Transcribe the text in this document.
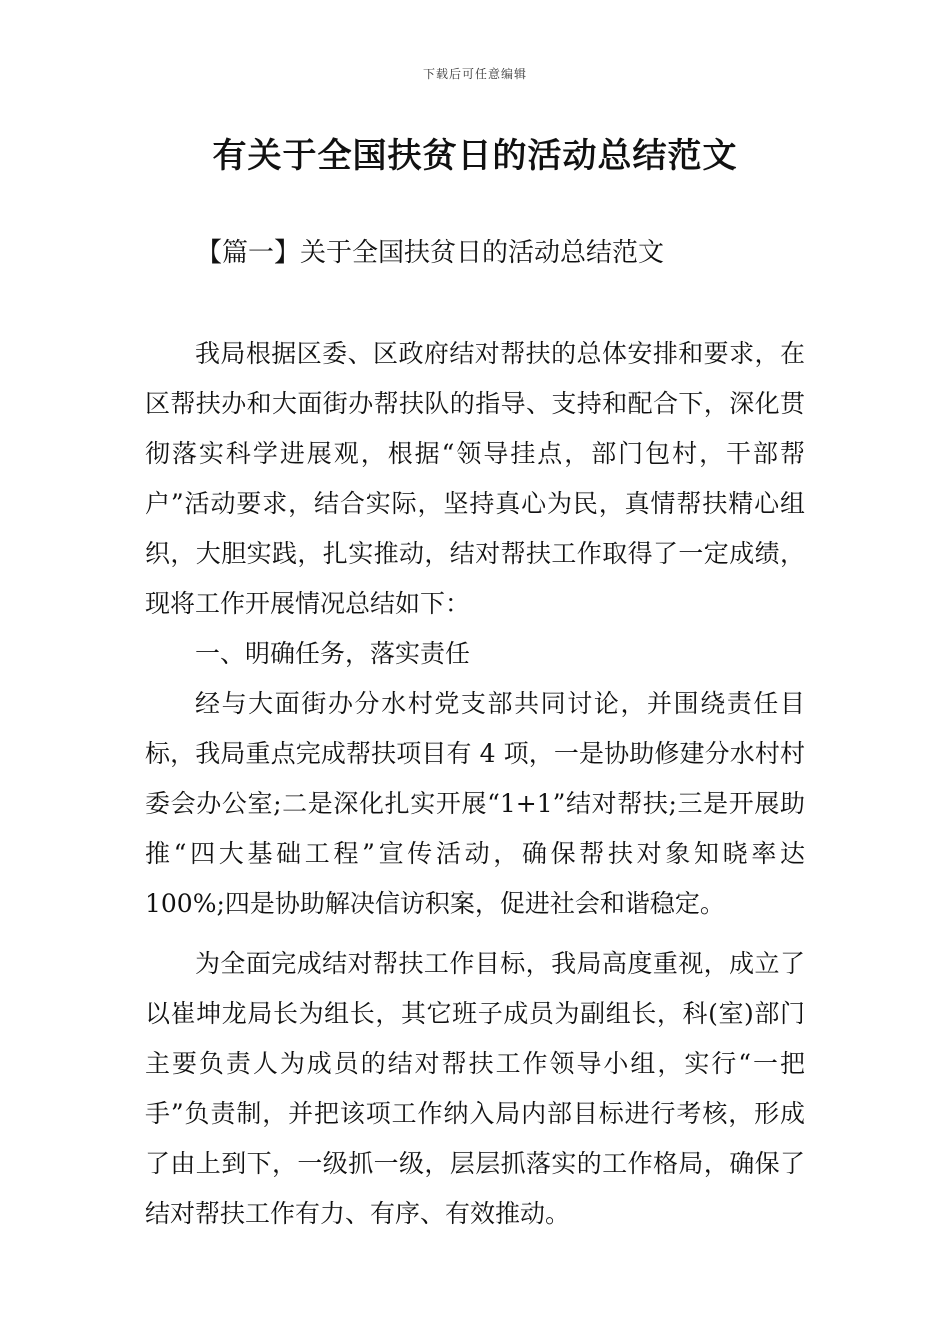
下载后可任意编辑
有关于全国扶贫日的活动总结范文
【篇一】关于全国扶贫日的活动总结范文

我局根据区委、区政府结对帮扶的总体安排和要求，在区帮扶办和大面街办帮扶队的指导、支持和配合下，深化贯彻落实科学进展观，根据“领导挂点，部门包村，干部帮户”活动要求，结合实际，坚持真心为民，真情帮扶精心组织，大胆实践，扎实推动，结对帮扶工作取得了一定成绩，现将工作开展情况总结如下：

一、明确任务，落实责任

经与大面街办分水村党支部共同讨论，并围绕责任目标，我局重点完成帮扶项目有 4 项，一是协助修建分水村村委会办公室;二是深化扎实开展“1+1”结对帮扶;三是开展助推“四大基础工程”宣传活动，确保帮扶对象知晓率达 100%;四是协助解决信访积案，促进社会和谐稳定。

为全面完成结对帮扶工作目标，我局高度重视，成立了以崔坤龙局长为组长，其它班子成员为副组长，科(室)部门主要负责人为成员的结对帮扶工作领导小组，实行“一把手”负责制，并把该项工作纳入局内部目标进行考核，形成了由上到下，一级抓一级，层层抓落实的工作格局，确保了结对帮扶工作有力、有序、有效推动。
